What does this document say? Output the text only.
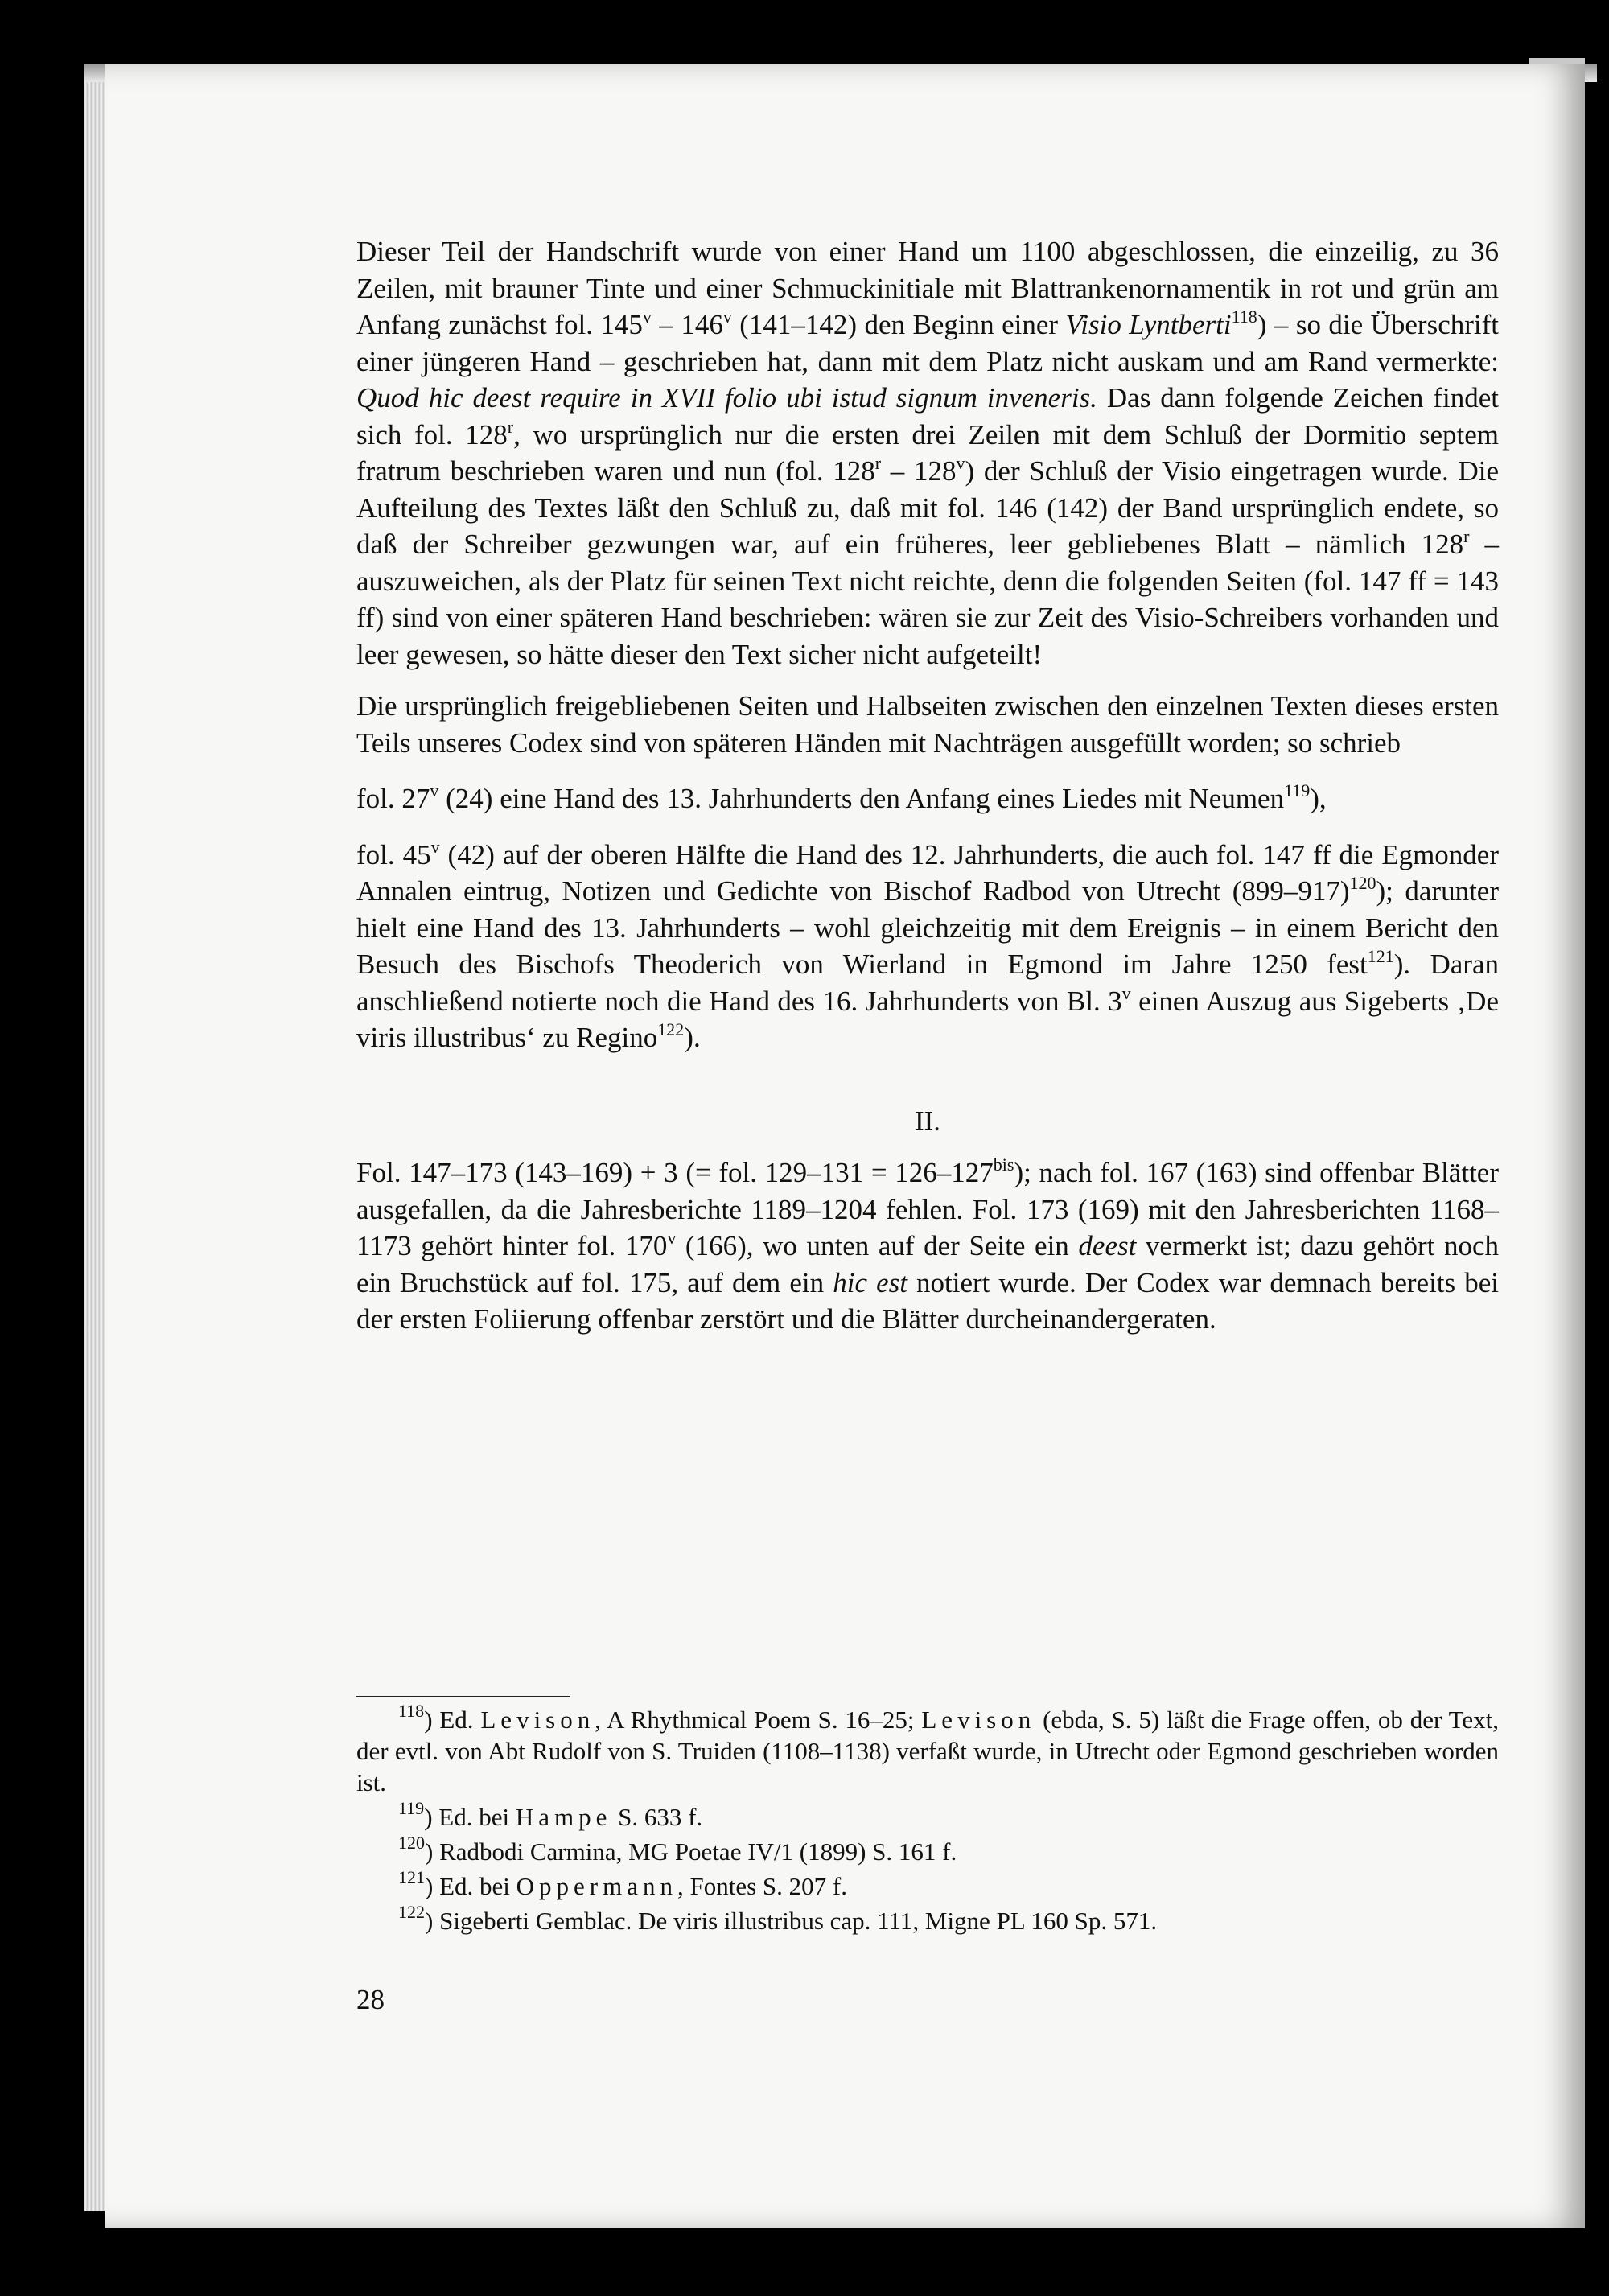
Dieser Teil der Handschrift wurde von einer Hand um 1100 abgeschlossen, die einzeilig, zu 36 Zeilen, mit brauner Tinte und einer Schmuckinitiale mit Blattrankenornamentik in rot und grün am Anfang zunächst fol. 145$^v$ – 146$^v$ (141–142) den Beginn einer Visio Lyntberti$^{118}$) – so die Überschrift einer jüngeren Hand – geschrieben hat, dann mit dem Platz nicht auskam und am Rand vermerkte: Quod hic deest require in XVII folio ubi istud signum inveneris. Das dann folgende Zeichen findet sich fol. 128$^r$, wo ursprünglich nur die ersten drei Zeilen mit dem Schluß der Dormitio septem fratrum beschrieben waren und nun (fol. 128$^r$ – 128$^v$) der Schluß der Visio eingetragen wurde. Die Aufteilung des Textes läßt den Schluß zu, daß mit fol. 146 (142) der Band ursprünglich endete, so daß der Schreiber gezwungen war, auf ein früheres, leer gebliebenes Blatt – nämlich 128$^r$ – auszuweichen, als der Platz für seinen Text nicht reichte, denn die folgenden Seiten (fol. 147 ff = 143 ff) sind von einer späteren Hand beschrieben: wären sie zur Zeit des Visio-Schreibers vorhanden und leer gewesen, so hätte dieser den Text sicher nicht aufgeteilt!

Die ursprünglich freigebliebenen Seiten und Halbseiten zwischen den einzelnen Texten dieses ersten Teils unseres Codex sind von späteren Händen mit Nachträgen ausgefüllt worden; so schrieb

fol. 27$^v$ (24) eine Hand des 13. Jahrhunderts den Anfang eines Liedes mit Neumen$^{119}$),

fol. 45$^v$ (42) auf der oberen Hälfte die Hand des 12. Jahrhunderts, die auch fol. 147 ff die Egmonder Annalen eintrug, Notizen und Gedichte von Bischof Radbod von Utrecht $(899-917)^{120}$); darunter hielt eine Hand des 13. Jahrhunderts – wohl gleichzeitig mit dem Ereignis – in einem Bericht den Besuch des Bischofs Theoderich von Wierland in Egmond im Jahre 1250 fest$^{121}$). Daran anschließend notierte noch die Hand des 16. Jahrhunderts von Bl. 3$^v$ einen Auszug aus Sigeberts ‚De viris illustribus‘ zu Regino$^{122}$).

II.

Fol. 147–173 (143–169) + 3 (= fol. $129-131 = 126-127^{bis}$); nach fol. 167 (163) sind offenbar Blätter ausgefallen, da die Jahresberichte 1189–1204 fehlen. Fol. 173 (169) mit den Jahresberichten 1168–1173 gehört hinter fol. 170$^v$ (166), wo unten auf der Seite ein deest vermerkt ist; dazu gehört noch ein Bruchstück auf fol. 175, auf dem ein hic est notiert wurde. Der Codex war demnach bereits bei der ersten Foliierung offenbar zerstört und die Blätter durcheinandergeraten.

$^{118}$) Ed. Levison, A Rhythmical Poem S. 16–25; Levison (ebda, S. 5) läßt die Frage offen, ob der Text, der evtl. von Abt Rudolf von S. Truiden (1108–1138) verfaßt wurde, in Utrecht oder Egmond geschrieben worden ist.

$^{119}$) Ed. bei Hampe S. 633 f.

$^{120}$) Radbodi Carmina, MG Poetae IV/1 (1899) S. 161 f.

$^{121}$) Ed. bei Oppermann, Fontes S. 207 f.

$^{122}$) Sigeberti Gemblac. De viris illustribus cap. 111, Migne PL 160 Sp. 571.

28
